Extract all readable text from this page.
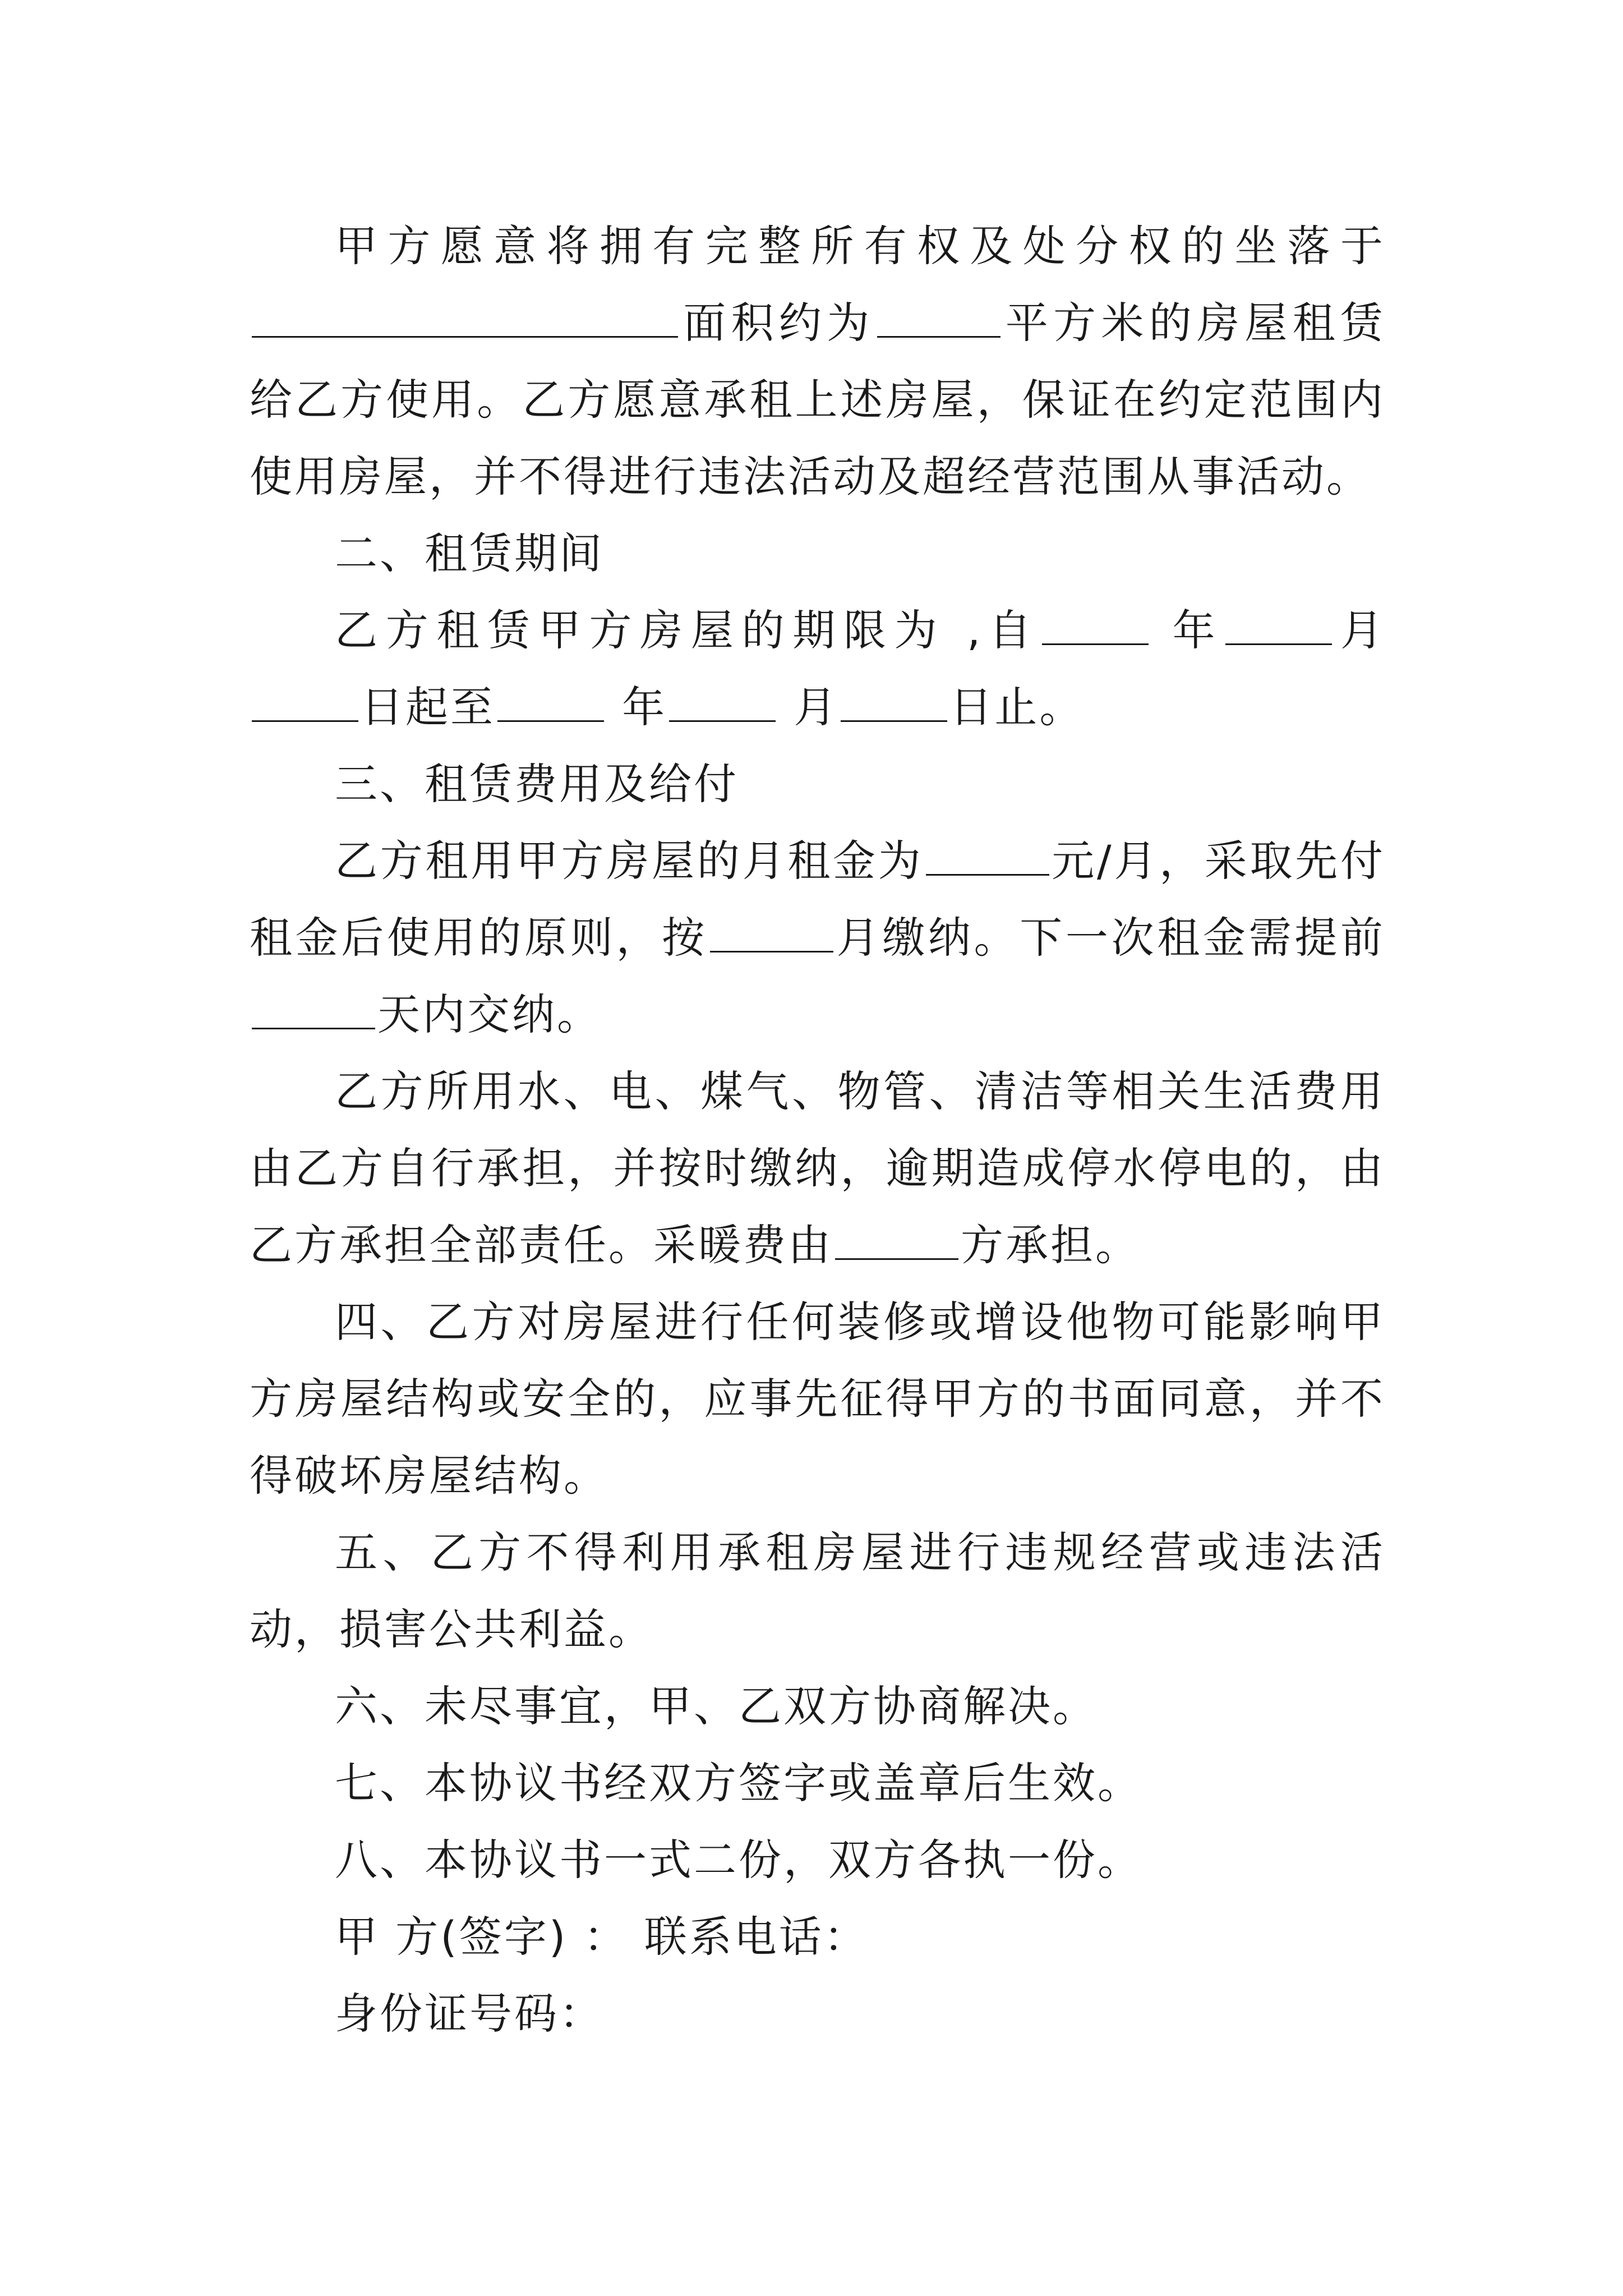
甲方愿意将拥有完整所有权及处分权的坐落于面积约为	平方米的房屋租赁给乙方使用。乙方愿意承租上述房屋，保证在约定范围内使用房屋，并不得进行违法活动及超经营范围从事活动。

二、租赁期间

乙方租赁甲方房屋的期限为 ,自	年	月日起至	年	月	日止。

三、租赁费用及给付

乙方租用甲方房屋的月租金为	元/月，采取先付租金后使用的原则，按	月缴纳。下一次租金需提前天内交纳。

乙方所用水、电、煤气、物管、清洁等相关生活费用由乙方自行承担，并按时缴纳，逾期造成停水停电的，由乙方承担全部责任。采暖费由	方承担。

四、乙方对房屋进行任何装修或增设他物可能影响甲方房屋结构或安全的，应事先征得甲方的书面同意，并不得破坏房屋结构。

五、乙方不得利用承租房屋进行违规经营或违法活动，损害公共利益。

六、未尽事宜，甲、乙双方协商解决。

七、本协议书经双方签字或盖章后生效。

八、本协议书一式二份，双方各执一份。

甲 方(签字) ： 联系电话：

身份证号码：
